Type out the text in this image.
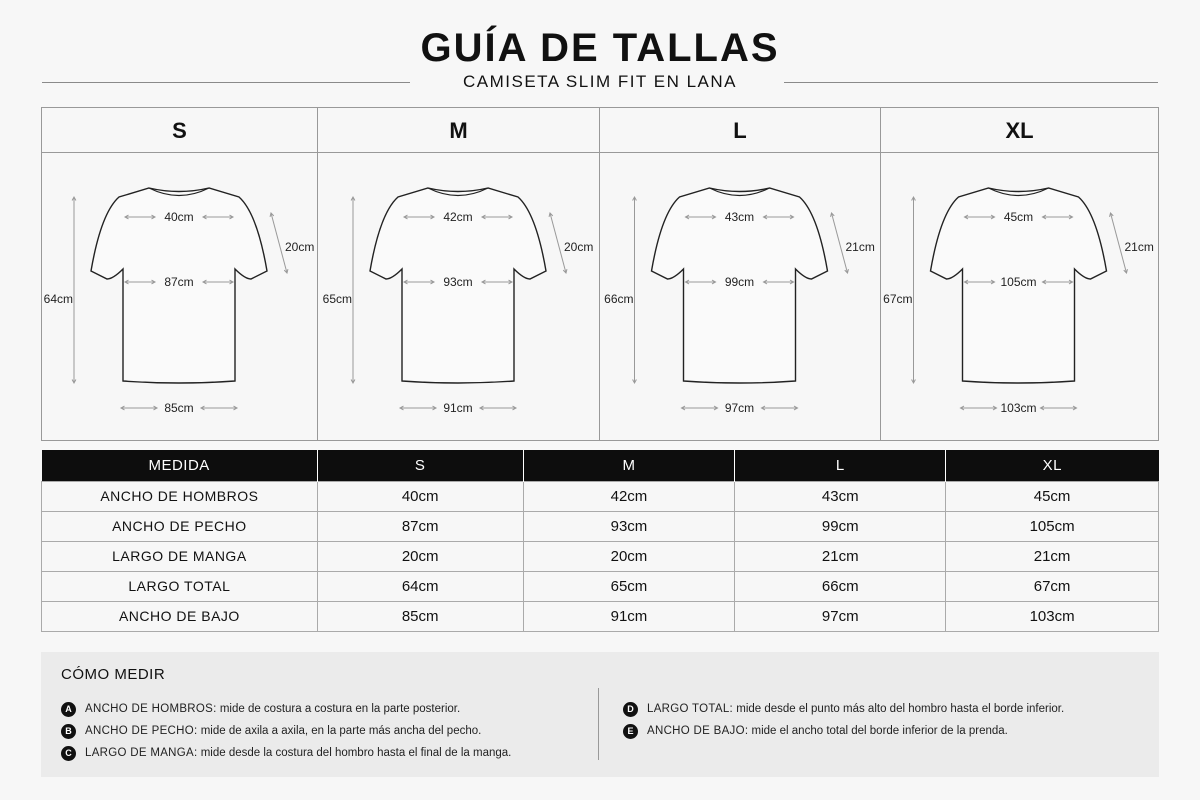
GUÍA DE TALLAS
CAMISETA SLIM FIT EN LANA
S
40cm
87cm
20cm
64cm
85cm
M
42cm
93cm
20cm
65cm
91cm
L
43cm
99cm
21cm
66cm
97cm
XL
45cm
105cm
21cm
67cm
103cm
MEDIDA	S	M	L	XL
ANCHO DE HOMBROS	40cm	42cm	43cm	45cm
ANCHO DE PECHO	87cm	93cm	99cm	105cm
LARGO DE MANGA	20cm	20cm	21cm	21cm
LARGO TOTAL	64cm	65cm	66cm	67cm
ANCHO DE BAJO	85cm	91cm	97cm	103cm
CÓMO MEDIR
A	ANCHO DE HOMBROS: mide de costura a costura en la parte posterior.
B	ANCHO DE PECHO: mide de axila a axila, en la parte más ancha del pecho.
C	LARGO DE MANGA: mide desde la costura del hombro hasta el final de la manga.
D	LARGO TOTAL: mide desde el punto más alto del hombro hasta el borde inferior.
E	ANCHO DE BAJO: mide el ancho total del borde inferior de la prenda.
